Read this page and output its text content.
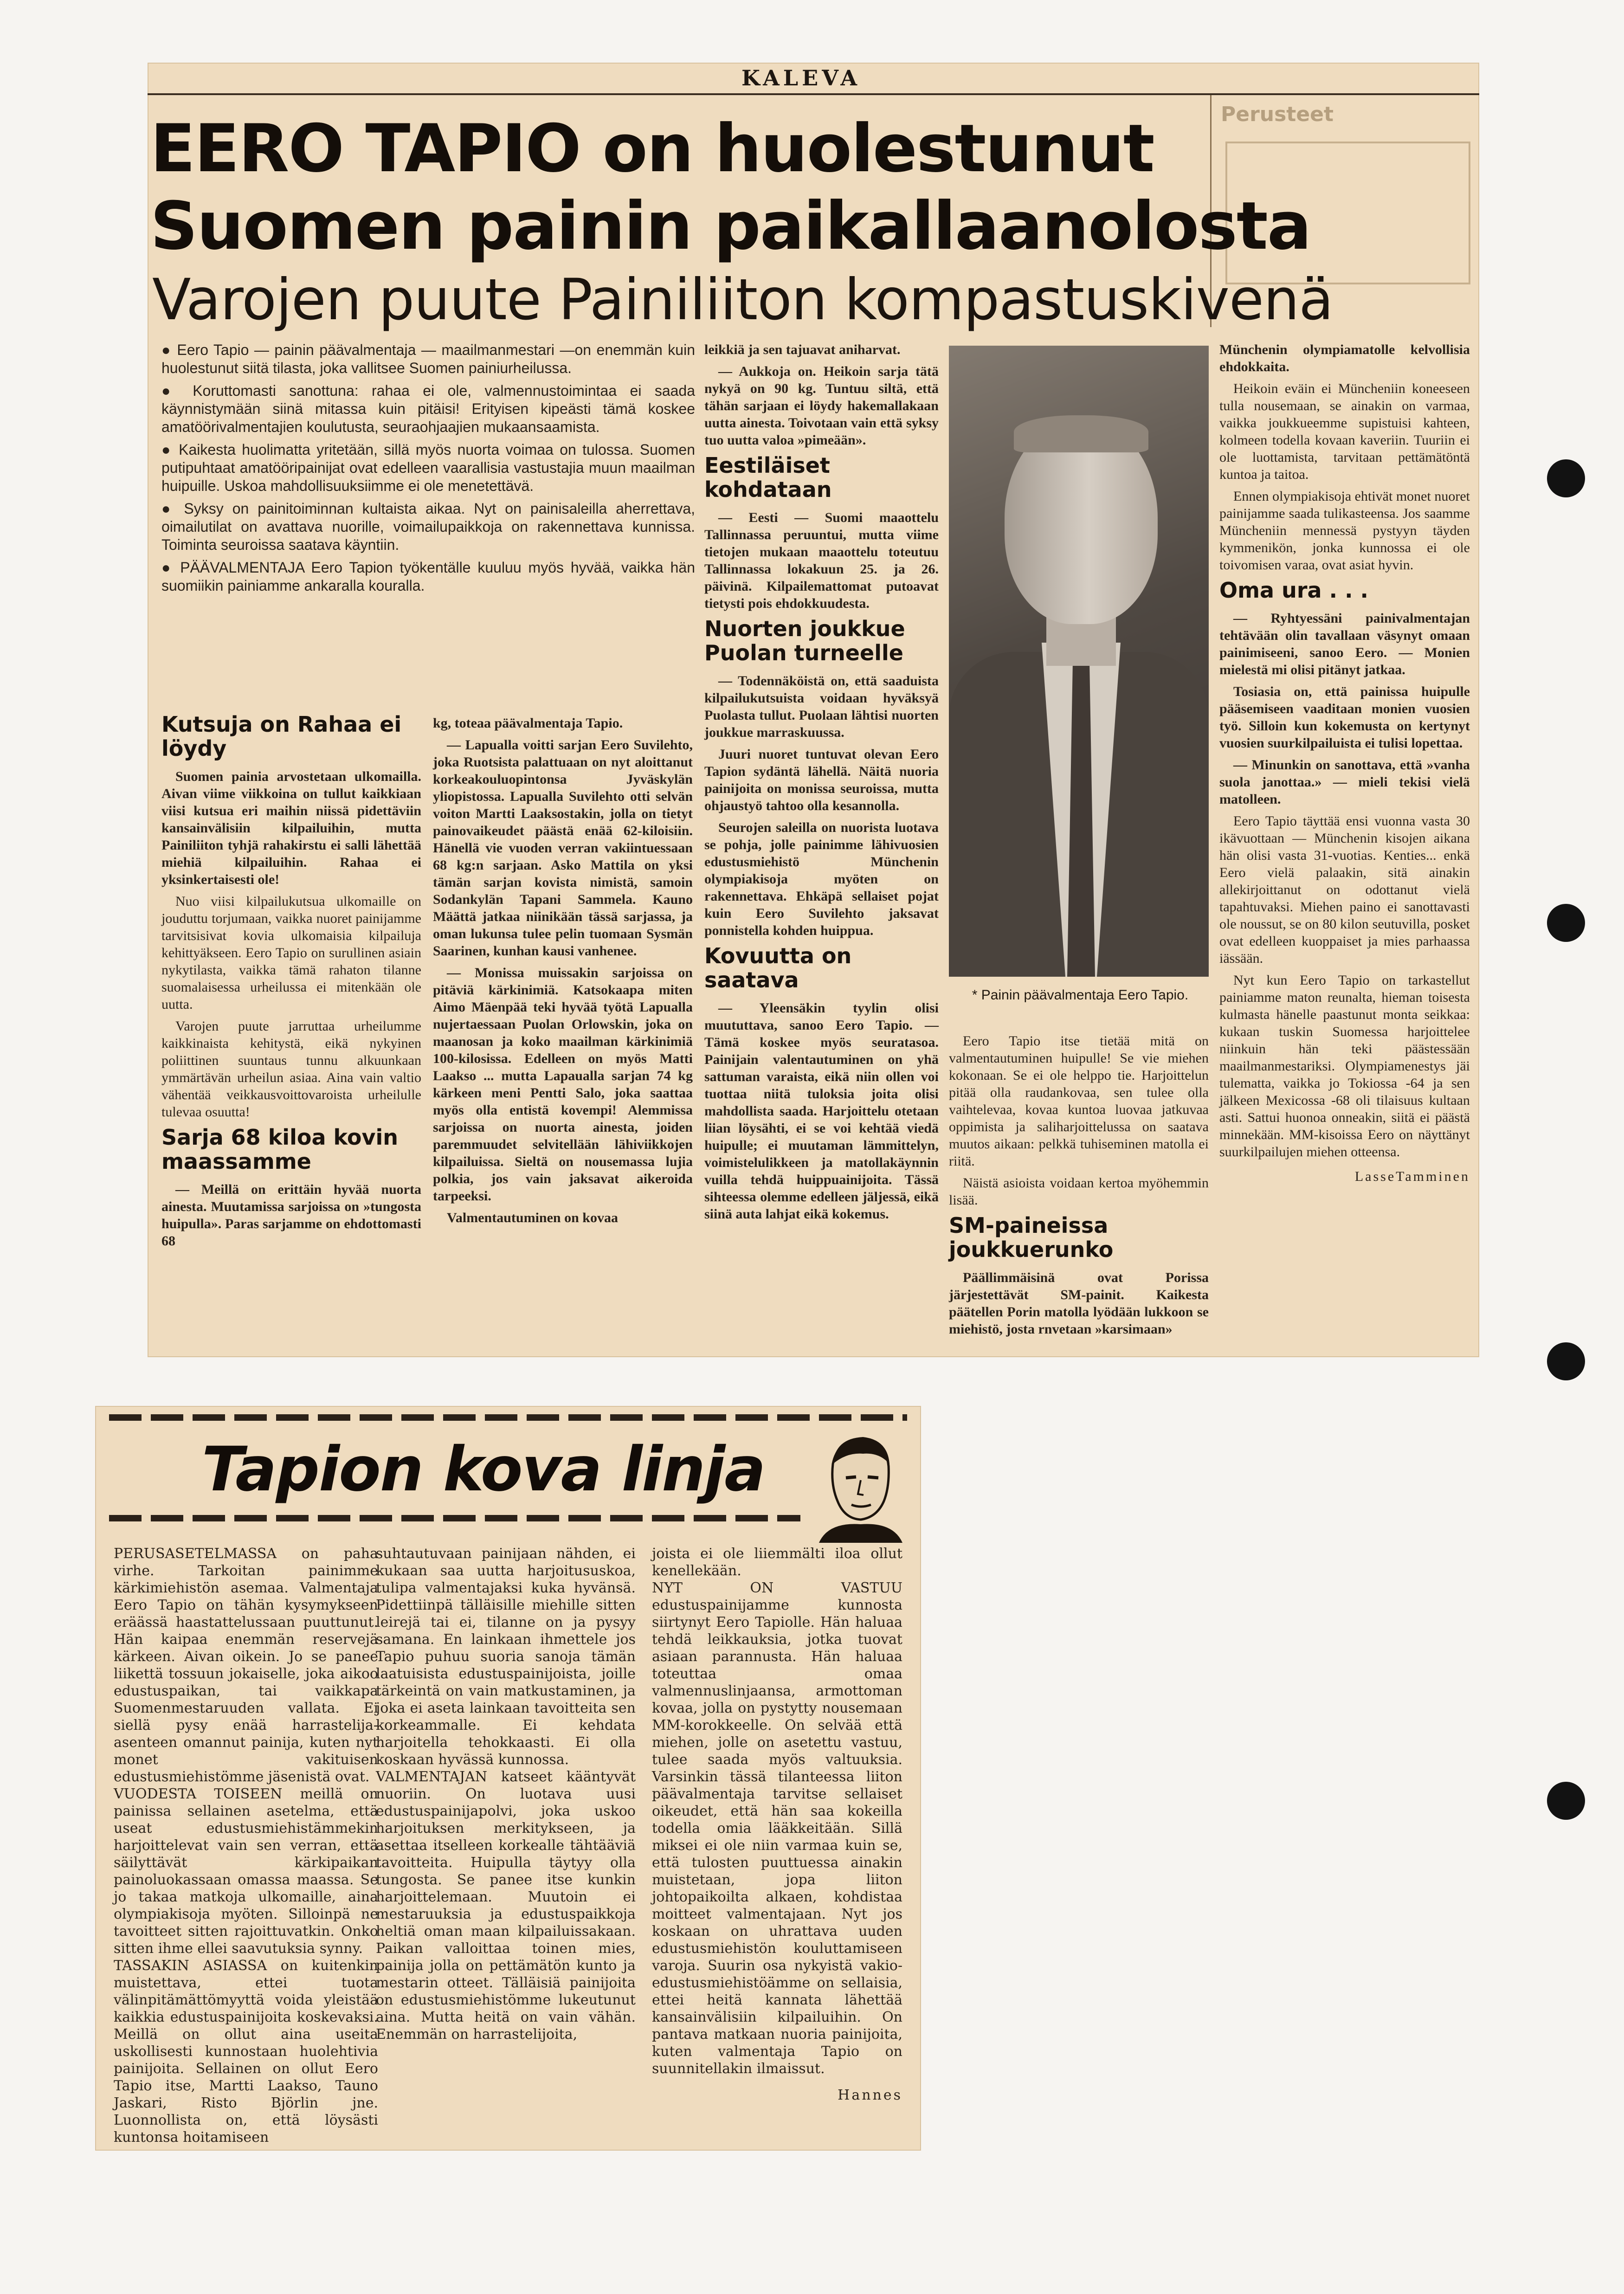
KALEVA
Perusteet
EERO TAPIO on huolestunut
Suomen painin paikallaanolosta
Varojen puute Painiliiton kompastuskivenä

● Eero Tapio — painin päävalmentaja — maailmanmestari —on enemmän kuin huolestunut siitä tilasta, joka vallitsee Suomen painiurheilussa.

● Koruttomasti sanottuna: rahaa ei ole, valmennustoimintaa ei saada käynnistymään siinä mitassa kuin pitäisi! Erityisen kipeästi tämä koskee amatöörivalmentajien koulutusta, seuraohjaajien mukaansaamista.

● Kaikesta huolimatta yritetään, sillä myös nuorta voimaa on tulossa. Suomen putipuhtaat amatööripainijat ovat edelleen vaarallisia vastustajia muun maailman huipuille. Uskoa mahdollisuuksiimme ei ole menetettävä.

● Syksy on painitoiminnan kultaista aikaa. Nyt on painisaleilla aherrettava, oimailutilat on avattava nuorille, voimailupaikkoja on rakennettava kunnissa. Toiminta seuroissa saatava käyntiin.

● PÄÄVALMENTAJA Eero Tapion työkentälle kuuluu myös hyvää, vaikka hän suomiikin painiamme ankaralla kouralla.

Kutsuja on Rahaa ei löydy

Suomen painia arvostetaan ulkomailla. Aivan viime viikkoina on tullut kaikkiaan viisi kutsua eri maihin niissä pidettäviin kansainvälisiin kilpailuihin, mutta Painiliiton tyhjä rahakirstu ei salli lähettää miehiä kilpailuihin. Rahaa ei yksinkertaisesti ole!

Nuo viisi kilpailukutsua ulkomaille on jouduttu torjumaan, vaikka nuoret painijamme tarvitsisivat kovia ulkomaisia kilpailuja kehittyäkseen. Eero Tapio on surullinen asiain nykytilasta, vaikka tämä rahaton tilanne suomalaisessa urheilussa ei mitenkään ole uutta.

Varojen puute jarruttaa urheilumme kaikkinaista kehitystä, eikä nykyinen poliittinen suuntaus tunnu alkuunkaan ymmärtävän urheilun asiaa. Aina vain valtio vähentää veikkausvoittovaroista urheilulle tulevaa osuutta!

Sarja 68 kiloa kovin maassamme

— Meillä on erittäin hyvää nuorta ainesta. Muutamissa sarjoissa on »tungosta huipulla». Paras sarjamme on ehdottomasti 68

kg, toteaa päävalmentaja Tapio.

— Lapualla voitti sarjan Eero Suvilehto, joka Ruotsista palattuaan on nyt aloittanut korkeakouluopintonsa Jyväskylän yliopistossa. Lapualla Suvilehto otti selvän voiton Martti Laaksostakin, jolla on tietyt painovaikeudet päästä enää 62-kiloisiin. Hänellä vie vuoden verran vakiintuessaan 68 kg:n sarjaan. Asko Mattila on yksi tämän sarjan kovista nimistä, samoin Sodankylän Tapani Sammela. Kauno Määttä jatkaa niinikään tässä sarjassa, ja oman lukunsa tulee pelin tuomaan Sysmän Saarinen, kunhan kausi vanhenee.

— Monissa muissakin sarjoissa on pitäviä kärkinimiä. Katsokaapa miten Aimo Mäenpää teki hyvää työtä Lapualla nujertaessaan Puolan Orlowskin, joka on maanosan ja koko maailman kärkinimiä 100-kilosissa. Edelleen on myös Matti Laakso ... mutta Lapaualla sarjan 74 kg kärkeen meni Pentti Salo, joka saattaa myös olla entistä kovempi! Alemmissa sarjoissa on nuorta ainesta, joiden paremmuudet selvitellään lähiviikkojen kilpailuissa. Sieltä on nousemassa lujia polkia, jos vain jaksavat aikeroida tarpeeksi.

Valmentautuminen on kovaa

leikkiä ja sen tajuavat aniharvat.

— Aukkoja on. Heikoin sarja tätä nykyä on 90 kg. Tuntuu siltä, että tähän sarjaan ei löydy hakemallakaan uutta ainesta. Toivotaan vain että syksy tuo uutta valoa »pimeään».

Eestiläiset kohdataan

— Eesti — Suomi maaottelu Tallinnassa peruuntui, mutta viime tietojen mukaan maaottelu toteutuu Tallinnassa lokakuun 25. ja 26. päivinä. Kilpailemattomat putoavat tietysti pois ehdokkuudesta.

Nuorten joukkue Puolan turneelle

— Todennäköistä on, että saaduista kilpailukutsuista voidaan hyväksyä Puolasta tullut. Puolaan lähtisi nuorten joukkue marraskuussa.

Juuri nuoret tuntuvat olevan Eero Tapion sydäntä lähellä. Näitä nuoria painijoita on monissa seuroissa, mutta ohjaustyö tahtoo olla kesannolla.

Seurojen saleilla on nuorista luotava se pohja, jolle painimme lähivuosien edustusmiehistö Münchenin olympiakisoja myöten on rakennettava. Ehkäpä sellaiset pojat kuin Eero Suvilehto jaksavat ponnistella kohden huippua.

Kovuutta on saatava

— Yleensäkin tyylin olisi muututtava, sanoo Eero Tapio. — Tämä koskee myös seuratasoa. Painijain valentautuminen on yhä sattuman varaista, eikä niin ollen voi tuottaa niitä tuloksia joita olisi mahdollista saada. Harjoittelu otetaan liian löysähti, ei se voi kehtää viedä huipulle; ei muutaman lämmittelyn, voimistelulikkeen ja matollakäynnin vuilla tehdä huippuainijoita. Tässä sihteessa olemme edelleen jäljessä, eikä siinä auta lahjat eikä kokemus.

* Painin päävalmentaja Eero Tapio.

Eero Tapio itse tietää mitä on valmentautuminen huipulle! Se vie miehen kokonaan. Se ei ole helppo tie. Harjoittelun pitää olla raudankovaa, sen tulee olla vaihtelevaa, kovaa kuntoa luovaa jatkuvaa oppimista ja saliharjoittelussa on saatava muutos aikaan: pelkkä tuhiseminen matolla ei riitä.

Näistä asioista voidaan kertoa myöhemmin lisää.

SM-paineissa joukkuerunko

Päällimmäisinä ovat Porissa järjestettävät SM-painit. Kaikesta päätellen Porin matolla lyödään lukkoon se miehistö, josta rnvetaan »karsimaan»

Münchenin olympiamatolle kelvollisia ehdokkaita.

Heikoin eväin ei Müncheniin koneeseen tulla nousemaan, se ainakin on varmaa, vaikka joukkueemme supistuisi kahteen, kolmeen todella kovaan kaveriin. Tuuriin ei ole luottamista, tarvitaan pettämätöntä kuntoa ja taitoa.

Ennen olympiakisoja ehtivät monet nuoret painijamme saada tulikasteensa. Jos saamme Müncheniin mennessä pystyyn täyden kymmenikön, jonka kunnossa ei ole toivomisen varaa, ovat asiat hyvin.

Oma ura . . .

— Ryhtyessäni painivalmentajan tehtävään olin tavallaan väsynyt omaan painimiseeni, sanoo Eero. — Monien mielestä mi olisi pitänyt jatkaa.

Tosiasia on, että painissa huipulle pääsemiseen vaaditaan monien vuosien työ. Silloin kun kokemusta on kertynyt vuosien suurkilpailuista ei tulisi lopettaa.

— Minunkin on sanottava, että »vanha suola janottaa.» — mieli tekisi vielä matolleen.

Eero Tapio täyttää ensi vuonna vasta 30 ikävuottaan — Münchenin kisojen aikana hän olisi vasta 31-vuotias. Kenties... enkä Eero vielä palaakin, sitä ainakin allekirjoittanut on odottanut vielä tapahtuvaksi. Miehen paino ei sanottavasti ole noussut, se on 80 kilon seutuvilla, posket ovat edelleen kuoppaiset ja mies parhaassa iässään.

Nyt kun Eero Tapio on tarkastellut painiamme maton reunalta, hieman toisesta kulmasta hänelle paastunut monta seikkaa: kukaan tuskin Suomessa harjoittelee niinkuin hän teki päästessään maailmanmestariksi. Olympiamenestys jäi tulematta, vaikka jo Tokiossa -64 ja sen jälkeen Mexicossa -68 oli tilaisuus kultaan asti. Sattui huonoa onneakin, siitä ei päästä minnekään. MM-kisoissa Eero on näyttänyt suurkilpailujen miehen otteensa.

LasseTamminen

Tapion kova linja

PERUSASETELMASSA on paha virhe. Tarkoitan painimme kärkimiehistön asemaa. Valmentaja Eero Tapio on tähän kysymykseen eräässä haastattelussaan puuttunut. Hän kaipaa enemmän reservejä kärkeen. Aivan oikein. Jo se panee liikettä tossuun jokaiselle, joka aikoo edustuspaikan, tai vaikkapa Suomenmestaruuden vallata. Ei siellä pysy enää harrastelija-asenteen omannut painija, kuten nyt monet vakituisen edustusmiehistömme jäsenistä ovat.

VUODESTA TOISEEN meillä on painissa sellainen asetelma, että useat edustusmiehistämmekin harjoittelevat vain sen verran, että säilyttävät kärkipaikan painoluokassaan omassa maassa. Se jo takaa matkoja ulkomaille, aina olympiakisoja myöten. Silloinpä ne tavoitteet sitten rajoittuvatkin. Onko sitten ihme ellei saavutuksia synny.

TASSAKIN ASIASSA on kuitenkin muistettava, ettei tuota välinpitämättömyyttä voida yleistää kaikkia edustuspainijoita koskevaksi. Meillä on ollut aina useita uskollisesti kunnostaan huolehtivia painijoita. Sellainen on ollut Eero Tapio itse, Martti Laakso, Tauno Jaskari, Risto Björlin jne. Luonnollista on, että löysästi kuntonsa hoitamiseen

suhtautuvaan painijaan nähden, ei kukaan saa uutta harjoitususkoa, tulipa valmentajaksi kuka hyvänsä. Pidettiinpä tälläisille miehille sitten leirejä tai ei, tilanne on ja pysyy samana. En lainkaan ihmettele jos Tapio puhuu suoria sanoja tämän laatuisista edustuspainijoista, joille tärkeintä on vain matkustaminen, ja joka ei aseta lainkaan tavoitteita sen korkeammalle. Ei kehdata harjoitella tehokkaasti. Ei olla koskaan hyvässä kunnossa.

VALMENTAJAN katseet kääntyvät nuoriin. On luotava uusi edustuspainijapolvi, joka uskoo harjoituksen merkitykseen, ja asettaa itselleen korkealle tähtääviä tavoitteita. Huipulla täytyy olla tungosta. Se panee itse kunkin harjoittelemaan. Muutoin ei mestaruuksia ja edustuspaikkoja heltiä oman maan kilpailuissakaan. Paikan valloittaa toinen mies, painija jolla on pettämätön kunto ja mestarin otteet. Tälläisiä painijoita on edustusmiehistömme lukeutunut aina. Mutta heitä on vain vähän. Enemmän on harrastelijoita,

joista ei ole liiemmälti iloa ollut kenellekään.

NYT ON VASTUU edustuspainijamme kunnosta siirtynyt Eero Tapiolle. Hän haluaa tehdä leikkauksia, jotka tuovat asiaan parannusta. Hän haluaa toteuttaa omaa valmennuslinjaansa, armottoman kovaa, jolla on pystytty nousemaan MM-korokkeelle. On selvää että miehen, jolle on asetettu vastuu, tulee saada myös valtuuksia. Varsinkin tässä tilanteessa liiton päävalmentaja tarvitse sellaiset oikeudet, että hän saa kokeilla todella omia lääkkeitään. Sillä miksei ei ole niin varmaa kuin se, että tulosten puuttuessa ainakin muistetaan, jopa liiton johtopaikoilta alkaen, kohdistaa moitteet valmentajaan. Nyt jos koskaan on uhrattava uuden edustusmiehistön kouluttamiseen varoja. Suurin osa nykyistä vakio-edustusmiehistöämme on sellaisia, ettei heitä kannata lähettää kansainvälisiin kilpailuihin. On pantava matkaan nuoria painijoita, kuten valmentaja Tapio on suunnitellakin ilmaissut.

Hannes
